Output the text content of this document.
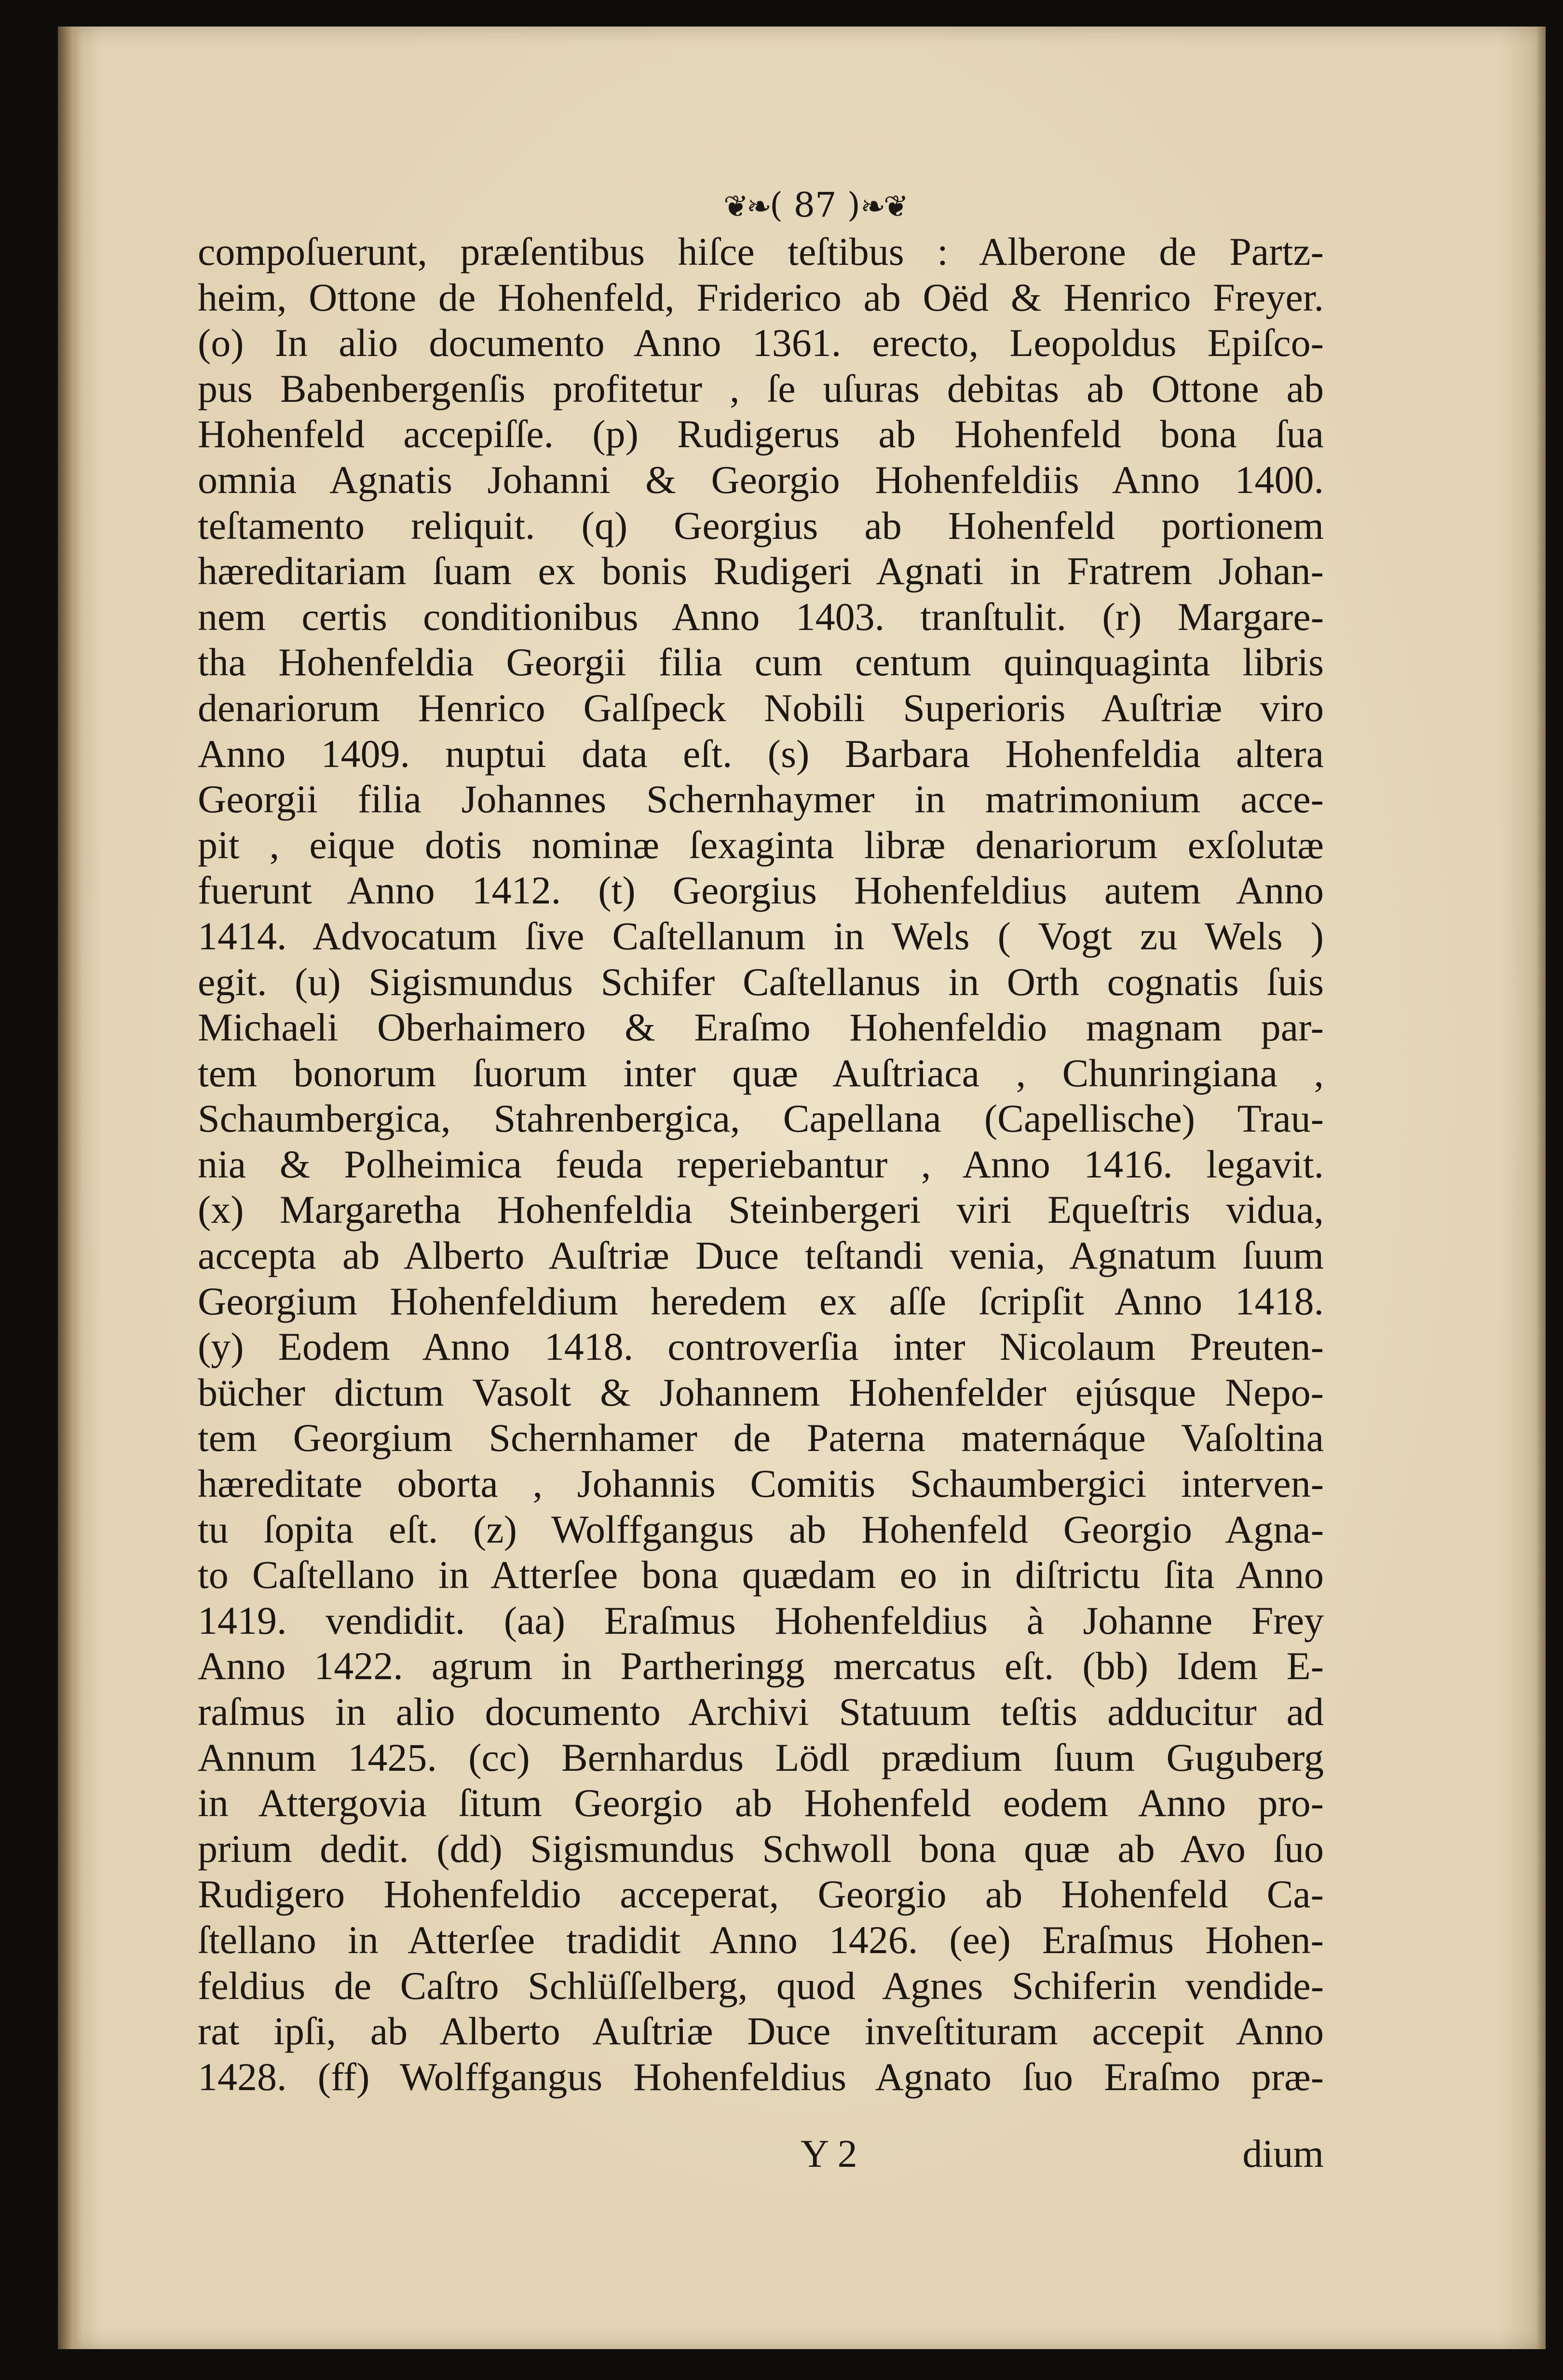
❦❧( 87 )❧❦
compoſuerunt, præſentibus hiſce teſtibus : Alberone de Partz-
heim, Ottone de Hohenfeld, Friderico ab Oëd & Henrico Freyer.
(o) In alio documento Anno 1361. erecto, Leopoldus Epiſco-
pus Babenbergenſis profitetur , ſe uſuras debitas ab Ottone ab
Hohenfeld accepiſſe. (p) Rudigerus ab Hohenfeld bona ſua
omnia Agnatis Johanni & Georgio Hohenfeldiis Anno 1400.
teſtamento reliquit. (q) Georgius ab Hohenfeld portionem
hæreditariam ſuam ex bonis Rudigeri Agnati in Fratrem Johan-
nem certis conditionibus Anno 1403. tranſtulit. (r) Margare-
tha Hohenfeldia Georgii filia cum centum quinquaginta libris
denariorum Henrico Galſpeck Nobili Superioris Auſtriæ viro
Anno 1409. nuptui data eſt. (s) Barbara Hohenfeldia altera
Georgii filia Johannes Schernhaymer in matrimonium acce-
pit , eique dotis nominæ ſexaginta libræ denariorum exſolutæ
fuerunt Anno 1412. (t) Georgius Hohenfeldius autem Anno
1414. Advocatum ſive Caſtellanum in Wels ( Vogt zu Wels )
egit. (u) Sigismundus Schifer Caſtellanus in Orth cognatis ſuis
Michaeli Oberhaimero & Eraſmo Hohenfeldio magnam par-
tem bonorum ſuorum inter quæ Auſtriaca , Chunringiana ,
Schaumbergica, Stahrenbergica, Capellana (Capellische) Trau-
nia & Polheimica feuda reperiebantur , Anno 1416. legavit.
(x) Margaretha Hohenfeldia Steinbergeri viri Equeſtris vidua,
accepta ab Alberto Auſtriæ Duce teſtandi venia, Agnatum ſuum
Georgium Hohenfeldium heredem ex aſſe ſcripſit Anno 1418.
(y) Eodem Anno 1418. controverſia inter Nicolaum Preuten-
bücher dictum Vasolt & Johannem Hohenfelder ejúsque Nepo-
tem Georgium Schernhamer de Paterna maternáque Vaſoltina
hæreditate oborta , Johannis Comitis Schaumbergici interven-
tu ſopita eſt. (z) Wolffgangus ab Hohenfeld Georgio Agna-
to Caſtellano in Atterſee bona quædam eo in diſtrictu ſita Anno
1419. vendidit. (aa) Eraſmus Hohenfeldius à Johanne Frey
Anno 1422. agrum in Partheringg mercatus eſt. (bb) Idem E-
raſmus in alio documento Archivi Statuum teſtis adducitur ad
Annum 1425. (cc) Bernhardus Lödl prædium ſuum Guguberg
in Attergovia ſitum Georgio ab Hohenfeld eodem Anno pro-
prium dedit. (dd) Sigismundus Schwoll bona quæ ab Avo ſuo
Rudigero Hohenfeldio acceperat, Georgio ab Hohenfeld Ca-
ſtellano in Atterſee tradidit Anno 1426. (ee) Eraſmus Hohen-
feldius de Caſtro Schlüſſelberg, quod Agnes Schiferin vendide-
rat ipſi, ab Alberto Auſtriæ Duce inveſtituram accepit Anno
1428. (ff) Wolffgangus Hohenfeldius Agnato ſuo Eraſmo præ-
Y 2	dium
